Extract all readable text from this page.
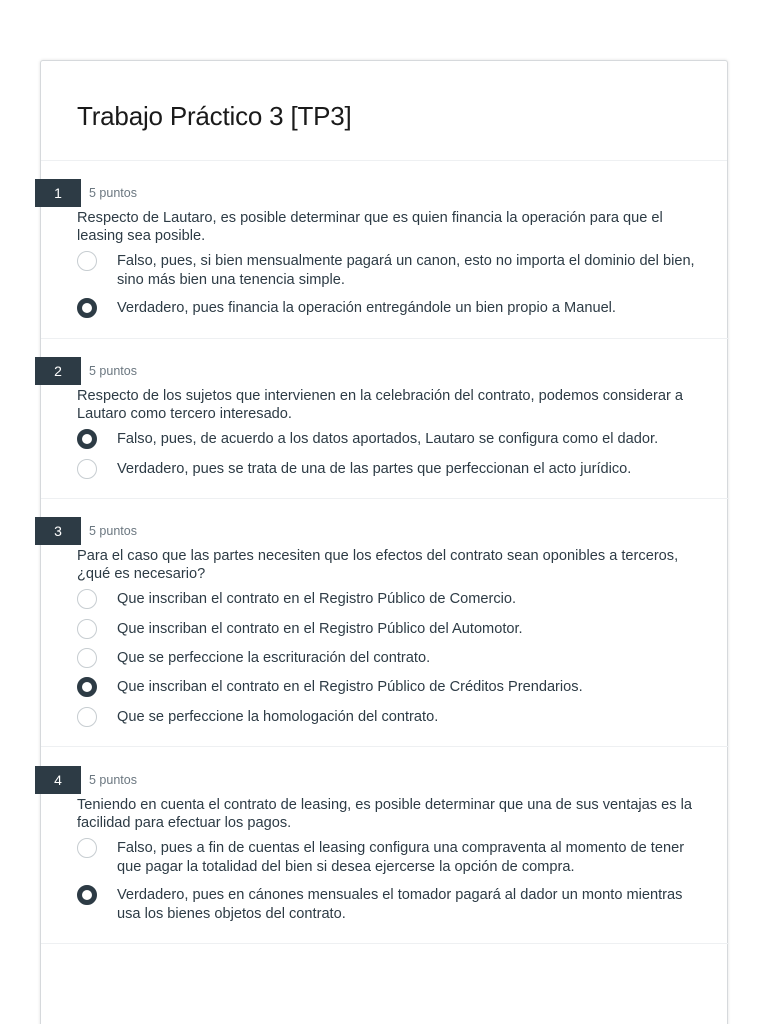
Trabajo Práctico 3 [TP3]
1	5 puntos
Respecto de Lautaro, es posible determinar que es quien financia la operación para que el leasing sea posible.
Falso, pues, si bien mensualmente pagará un canon, esto no importa el dominio del bien, sino más bien una tenencia simple.
Verdadero, pues financia la operación entregándole un bien propio a Manuel.
2	5 puntos
Respecto de los sujetos que intervienen en la celebración del contrato, podemos considerar a Lautaro como tercero interesado.
Falso, pues, de acuerdo a los datos aportados, Lautaro se configura como el dador.
Verdadero, pues se trata de una de las partes que perfeccionan el acto jurídico.
3	5 puntos
Para el caso que las partes necesiten que los efectos del contrato sean oponibles a terceros, ¿qué es necesario?
Que inscriban el contrato en el Registro Público de Comercio.
Que inscriban el contrato en el Registro Público del Automotor.
Que se perfeccione la escrituración del contrato.
Que inscriban el contrato en el Registro Público de Créditos Prendarios.
Que se perfeccione la homologación del contrato.
4	5 puntos
Teniendo en cuenta el contrato de leasing, es posible determinar que una de sus ventajas es la facilidad para efectuar los pagos.
Falso, pues a fin de cuentas el leasing configura una compraventa al momento de tener que pagar la totalidad del bien si desea ejercerse la opción de compra.
Verdadero, pues en cánones mensuales el tomador pagará al dador un monto mientras usa los bienes objetos del contrato.
